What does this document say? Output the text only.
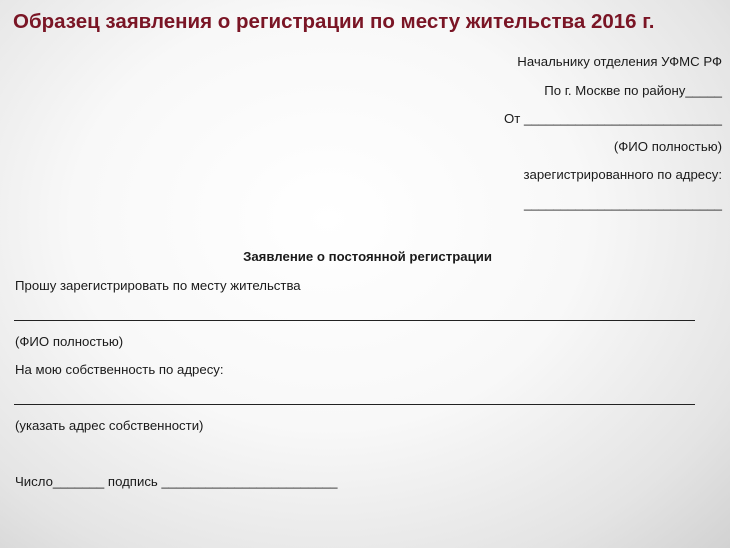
Образец заявления о регистрации по месту жительства 2016 г.
Начальнику отделения УФМС РФ
По г. Москве по району_____
От ___________________________
(ФИО полностью)
зарегистрированного по адресу:
___________________________
Заявление о постоянной регистрации
Прошу зарегистрировать по месту жительства
(ФИО полностью)
На мою собственность по адресу:
(указать адрес собственности)
Число_______ подпись ________________________
